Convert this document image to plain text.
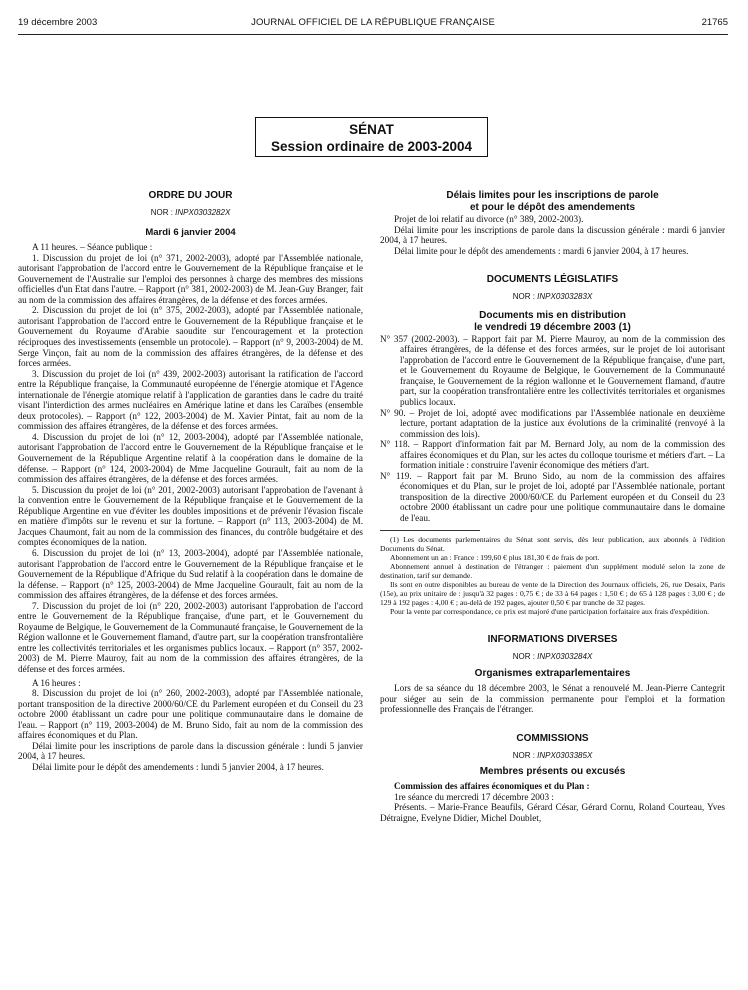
19 décembre 2003	JOURNAL OFFICIEL DE LA RÉPUBLIQUE FRANÇAISE	21765
SÉNAT
Session ordinaire de 2003-2004
ORDRE DU JOUR
NOR : INPX0303282X
Mardi 6 janvier 2004

A 11 heures. – Séance publique :

1. Discussion du projet de loi (n° 371, 2002-2003), adopté par l'Assemblée nationale, autorisant l'approbation de l'accord entre le Gouvernement de la République française et le Gouvernement de l'Australie sur l'emploi des personnes à charge des membres des missions officielles d'un Etat dans l'autre. – Rapport (n° 381, 2002-2003) de M. Jean-Guy Branger, fait au nom de la commission des affaires étrangères, de la défense et des forces armées.

2. Discussion du projet de loi (n° 375, 2002-2003), adopté par l'Assemblée nationale, autorisant l'approbation de l'accord entre le Gouvernement de la République française et le Gouvernement du Royaume d'Arabie saoudite sur l'encouragement et la protection réciproques des investissements (ensemble un protocole). – Rapport (n° 9, 2003-2004) de M. Serge Vinçon, fait au nom de la commission des affaires étrangères, de la défense et des forces armées.

3. Discussion du projet de loi (n° 439, 2002-2003) autorisant la ratification de l'accord entre la République française, la Communauté européenne de l'énergie atomique et l'Agence internationale de l'énergie atomique relatif à l'application de garanties dans le cadre du traité visant l'interdiction des armes nucléaires en Amérique latine et dans les Caraïbes (ensemble deux protocoles). – Rapport (n° 122, 2003-2004) de M. Xavier Pintat, fait au nom de la commission des affaires étrangères, de la défense et des forces armées.

4. Discussion du projet de loi (n° 12, 2003-2004), adopté par l'Assemblée nationale, autorisant l'approbation de l'accord entre le Gouvernement de la République française et le Gouvernement de la République Argentine relatif à la coopération dans le domaine de la défense. – Rapport (n° 124, 2003-2004) de Mme Jacqueline Gourault, fait au nom de la commission des affaires étrangères, de la défense et des forces armées.

5. Discussion du projet de loi (n° 201, 2002-2003) autorisant l'approbation de l'avenant à la convention entre le Gouvernement de la République française et le Gouvernement de la République Argentine en vue d'éviter les doubles impositions et de prévenir l'évasion fiscale en matière d'impôts sur le revenu et sur la fortune. – Rapport (n° 113, 2003-2004) de M. Jacques Chaumont, fait au nom de la commission des finances, du contrôle budgétaire et des comptes économiques de la nation.

6. Discussion du projet de loi (n° 13, 2003-2004), adopté par l'Assemblée nationale, autorisant l'approbation de l'accord entre le Gouvernement de la République française et le Gouvernement de la République d'Afrique du Sud relatif à la coopération dans le domaine de la défense. – Rapport (n° 125, 2003-2004) de Mme Jacqueline Gourault, fait au nom de la commission des affaires étrangères, de la défense et des forces armées.

7. Discussion du projet de loi (n° 220, 2002-2003) autorisant l'approbation de l'accord entre le Gouvernement de la République française, d'une part, et le Gouvernement du Royaume de Belgique, le Gouvernement de la Communauté française, le Gouvernement de la Région wallonne et le Gouvernement flamand, d'autre part, sur la coopération transfrontalière entre les collectivités territoriales et les organismes publics locaux. – Rapport (n° 357, 2002-2003) de M. Pierre Mauroy, fait au nom de la commission des affaires étrangères, de la défense et des forces armées.

A 16 heures :

8. Discussion du projet de loi (n° 260, 2002-2003), adopté par l'Assemblée nationale, portant transposition de la directive 2000/60/CE du Parlement européen et du Conseil du 23 octobre 2000 établissant un cadre pour une politique communautaire dans le domaine de l'eau. – Rapport (n° 119, 2003-2004) de M. Bruno Sido, fait au nom de la commission des affaires économiques et du Plan.

Délai limite pour les inscriptions de parole dans la discussion générale : lundi 5 janvier 2004, à 17 heures.

Délai limite pour le dépôt des amendements : lundi 5 janvier 2004, à 17 heures.

Délais limites pour les inscriptions de parole
et pour le dépôt des amendements

Projet de loi relatif au divorce (n° 389, 2002-2003).

Délai limite pour les inscriptions de parole dans la discussion générale : mardi 6 janvier 2004, à 17 heures.

Délai limite pour le dépôt des amendements : mardi 6 janvier 2004, à 17 heures.

DOCUMENTS LÉGISLATIFS
NOR : INPX0303283X
Documents mis en distribution
le vendredi 19 décembre 2003 (1)

N° 357 (2002-2003). – Rapport fait par M. Pierre Mauroy, au nom de la commission des affaires étrangères, de la défense et des forces armées, sur le projet de loi autorisant l'approbation de l'accord entre le Gouvernement de la République française, d'une part, et le Gouvernement du Royaume de Belgique, le Gouvernement de la Communauté française, le Gouvernement de la région wallonne et le Gouvernement flamand, d'autre part, sur la coopération transfrontalière entre les collectivités territoriales et organismes publics locaux.

N° 90. – Projet de loi, adopté avec modifications par l'Assemblée nationale en deuxième lecture, portant adaptation de la justice aux évolutions de la criminalité (renvoyé à la commission des lois).

N° 118. – Rapport d'information fait par M. Bernard Joly, au nom de la commission des affaires économiques et du Plan, sur les actes du colloque tourisme et métiers d'art. – La formation initiale : construire l'avenir économique des métiers d'art.

N° 119. – Rapport fait par M. Bruno Sido, au nom de la commission des affaires économiques et du Plan, sur le projet de loi, adopté par l'Assemblée nationale, portant transposition de la directive 2000/60/CE du Parlement européen et du Conseil du 23 octobre 2000 établissant un cadre pour une politique communautaire dans le domaine de l'eau.

(1) Les documents parlementaires du Sénat sont servis, dès leur publication, aux abonnés à l'édition Documents du Sénat.

Abonnement un an : France : 199,60 € plus 181,30 € de frais de port.

Abonnement annuel à destination de l'étranger : paiement d'un supplément modulé selon la zone de destination, tarif sur demande.

Ils sont en outre disponibles au bureau de vente de la Direction des Journaux officiels, 26, rue Desaix, Paris (15e), au prix unitaire de : jusqu'à 32 pages : 0,75 € ; de 33 à 64 pages : 1,50 € ; de 65 à 128 pages : 3,00 € ; de 129 à 192 pages : 4,00 € ; au-delà de 192 pages, ajouter 0,50 € par tranche de 32 pages.

Pour la vente par correspondance, ce prix est majoré d'une participation forfaitaire aux frais d'expédition.

INFORMATIONS DIVERSES
NOR : INPX0303284X
Organismes extraparlementaires

Lors de sa séance du 18 décembre 2003, le Sénat a renouvelé M. Jean-Pierre Cantegrit pour siéger au sein de la commission permanente pour l'emploi et la formation professionnelle des Français de l'étranger.

COMMISSIONS
NOR : INPX0303385X
Membres présents ou excusés

Commission des affaires économiques et du Plan :

1re séance du mercredi 17 décembre 2003 :

Présents. – Marie-France Beaufils, Gérard César, Gérard Cornu, Roland Courteau, Yves Détraigne, Evelyne Didier, Michel Doublet,
